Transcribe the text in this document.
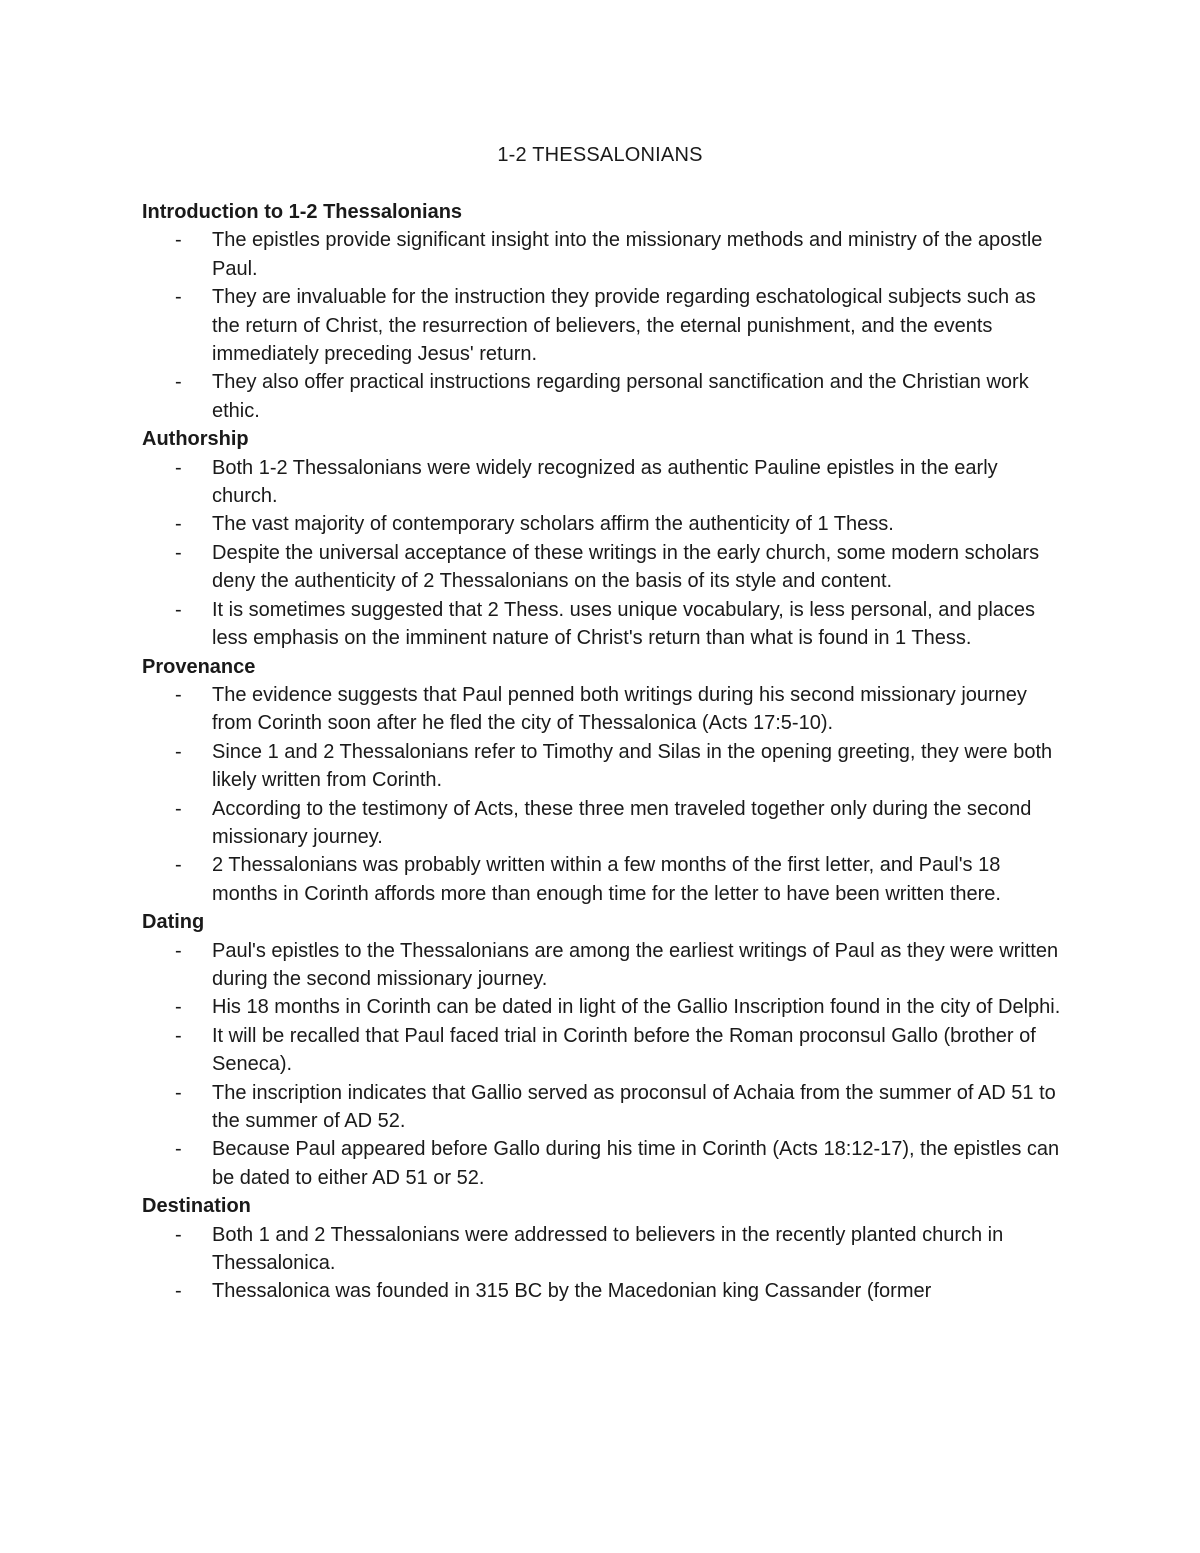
1-2 THESSALONIANS
Introduction to 1-2 Thessalonians
- The epistles provide significant insight into the missionary methods and ministry of the apostle Paul.
- They are invaluable for the instruction they provide regarding eschatological subjects such as the return of Christ, the resurrection of believers, the eternal punishment, and the events immediately preceding Jesus' return.
- They also offer practical instructions regarding personal sanctification and the Christian work ethic.
Authorship
- Both 1-2 Thessalonians were widely recognized as authentic Pauline epistles in the early church.
- The vast majority of contemporary scholars affirm the authenticity of 1 Thess.
- Despite the universal acceptance of these writings in the early church, some modern scholars deny the authenticity of 2 Thessalonians on the basis of its style and content.
- It is sometimes suggested that 2 Thess. uses unique vocabulary, is less personal, and places less emphasis on the imminent nature of Christ's return than what is found in 1 Thess.
Provenance
- The evidence suggests that Paul penned both writings during his second missionary journey from Corinth soon after he fled the city of Thessalonica (Acts 17:5-10).
- Since 1 and 2 Thessalonians refer to Timothy and Silas in the opening greeting, they were both likely written from Corinth.
- According to the testimony of Acts, these three men traveled together only during the second missionary journey.
- 2 Thessalonians was probably written within a few months of the first letter, and Paul's 18 months in Corinth affords more than enough time for the letter to have been written there.
Dating
- Paul's epistles to the Thessalonians are among the earliest writings of Paul as they were written during the second missionary journey.
- His 18 months in Corinth can be dated in light of the Gallio Inscription found in the city of Delphi.
- It will be recalled that Paul faced trial in Corinth before the Roman proconsul Gallo (brother of Seneca).
- The inscription indicates that Gallio served as proconsul of Achaia from the summer of AD 51 to the summer of AD 52.
- Because Paul appeared before Gallo during his time in Corinth (Acts 18:12-17), the epistles can be dated to either AD 51 or 52.
Destination
- Both 1 and 2 Thessalonians were addressed to believers in the recently planted church in Thessalonica.
- Thessalonica was founded in 315 BC by the Macedonian king Cassander (former
